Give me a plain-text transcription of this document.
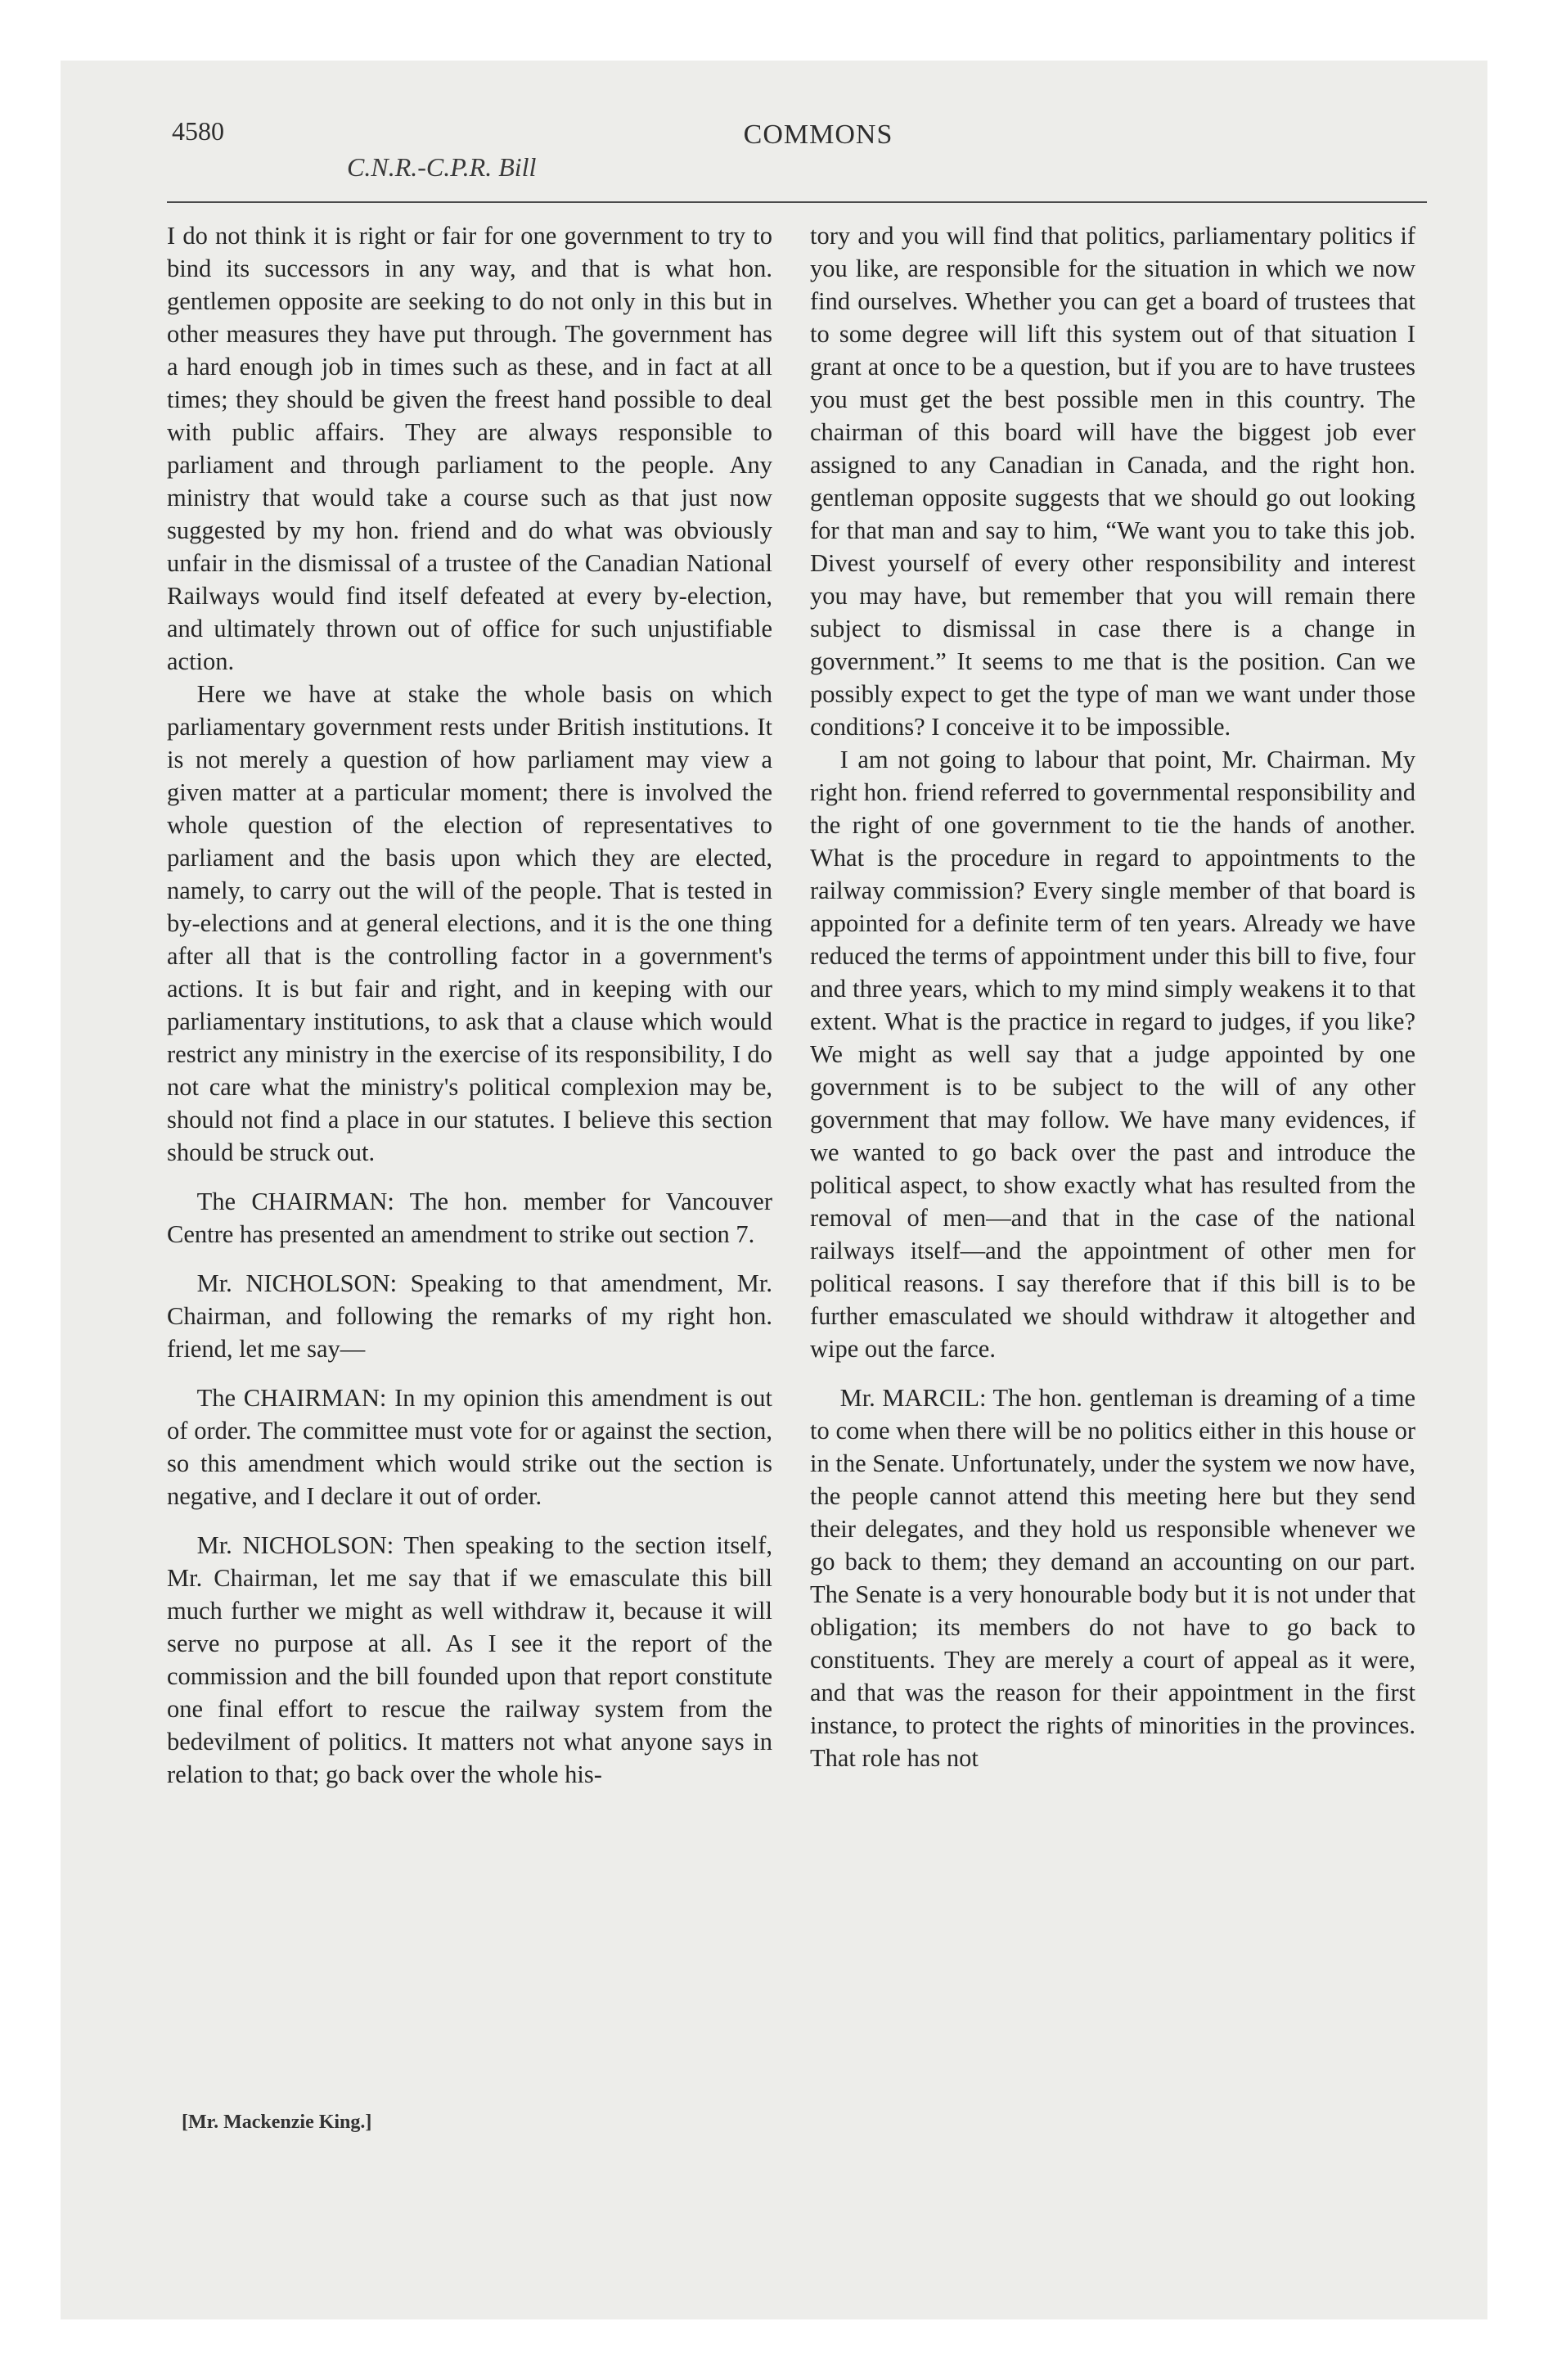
4580	COMMONS
C.N.R.-C.P.R. Bill

I do not think it is right or fair for one government to try to bind its successors in any way, and that is what hon. gentlemen opposite are seeking to do not only in this but in other measures they have put through. The government has a hard enough job in times such as these, and in fact at all times; they should be given the freest hand possible to deal with public affairs. They are always responsible to parliament and through parliament to the people. Any ministry that would take a course such as that just now suggested by my hon. friend and do what was obviously unfair in the dismissal of a trustee of the Canadian National Railways would find itself defeated at every by-election, and ultimately thrown out of office for such unjustifiable action.

Here we have at stake the whole basis on which parliamentary government rests under British institutions. It is not merely a question of how parliament may view a given matter at a particular moment; there is involved the whole question of the election of representatives to parliament and the basis upon which they are elected, namely, to carry out the will of the people. That is tested in by-elections and at general elections, and it is the one thing after all that is the controlling factor in a government's actions. It is but fair and right, and in keeping with our parliamentary institutions, to ask that a clause which would restrict any ministry in the exercise of its responsibility, I do not care what the ministry's political complexion may be, should not find a place in our statutes. I believe this section should be struck out.

The CHAIRMAN: The hon. member for Vancouver Centre has presented an amendment to strike out section 7.

Mr. NICHOLSON: Speaking to that amendment, Mr. Chairman, and following the remarks of my right hon. friend, let me say—

The CHAIRMAN: In my opinion this amendment is out of order. The committee must vote for or against the section, so this amendment which would strike out the section is negative, and I declare it out of order.

Mr. NICHOLSON: Then speaking to the section itself, Mr. Chairman, let me say that if we emasculate this bill much further we might as well withdraw it, because it will serve no purpose at all. As I see it the report of the commission and the bill founded upon that report constitute one final effort to rescue the railway system from the bedevilment of politics. It matters not what anyone says in relation to that; go back over the whole his-

tory and you will find that politics, parliamentary politics if you like, are responsible for the situation in which we now find ourselves. Whether you can get a board of trustees that to some degree will lift this system out of that situation I grant at once to be a question, but if you are to have trustees you must get the best possible men in this country. The chairman of this board will have the biggest job ever assigned to any Canadian in Canada, and the right hon. gentleman opposite suggests that we should go out looking for that man and say to him, “We want you to take this job. Divest yourself of every other responsibility and interest you may have, but remember that you will remain there subject to dismissal in case there is a change in government.” It seems to me that is the position. Can we possibly expect to get the type of man we want under those conditions? I conceive it to be impossible.

I am not going to labour that point, Mr. Chairman. My right hon. friend referred to governmental responsibility and the right of one government to tie the hands of another. What is the procedure in regard to appointments to the railway commission? Every single member of that board is appointed for a definite term of ten years. Already we have reduced the terms of appointment under this bill to five, four and three years, which to my mind simply weakens it to that extent. What is the practice in regard to judges, if you like? We might as well say that a judge appointed by one government is to be subject to the will of any other government that may follow. We have many evidences, if we wanted to go back over the past and introduce the political aspect, to show exactly what has resulted from the removal of men—and that in the case of the national railways itself—and the appointment of other men for political reasons. I say therefore that if this bill is to be further emasculated we should withdraw it altogether and wipe out the farce.

Mr. MARCIL: The hon. gentleman is dreaming of a time to come when there will be no politics either in this house or in the Senate. Unfortunately, under the system we now have, the people cannot attend this meeting here but they send their delegates, and they hold us responsible whenever we go back to them; they demand an accounting on our part. The Senate is a very honourable body but it is not under that obligation; its members do not have to go back to constituents. They are merely a court of appeal as it were, and that was the reason for their appointment in the first instance, to protect the rights of minorities in the provinces. That role has not

[Mr. Mackenzie King.]
